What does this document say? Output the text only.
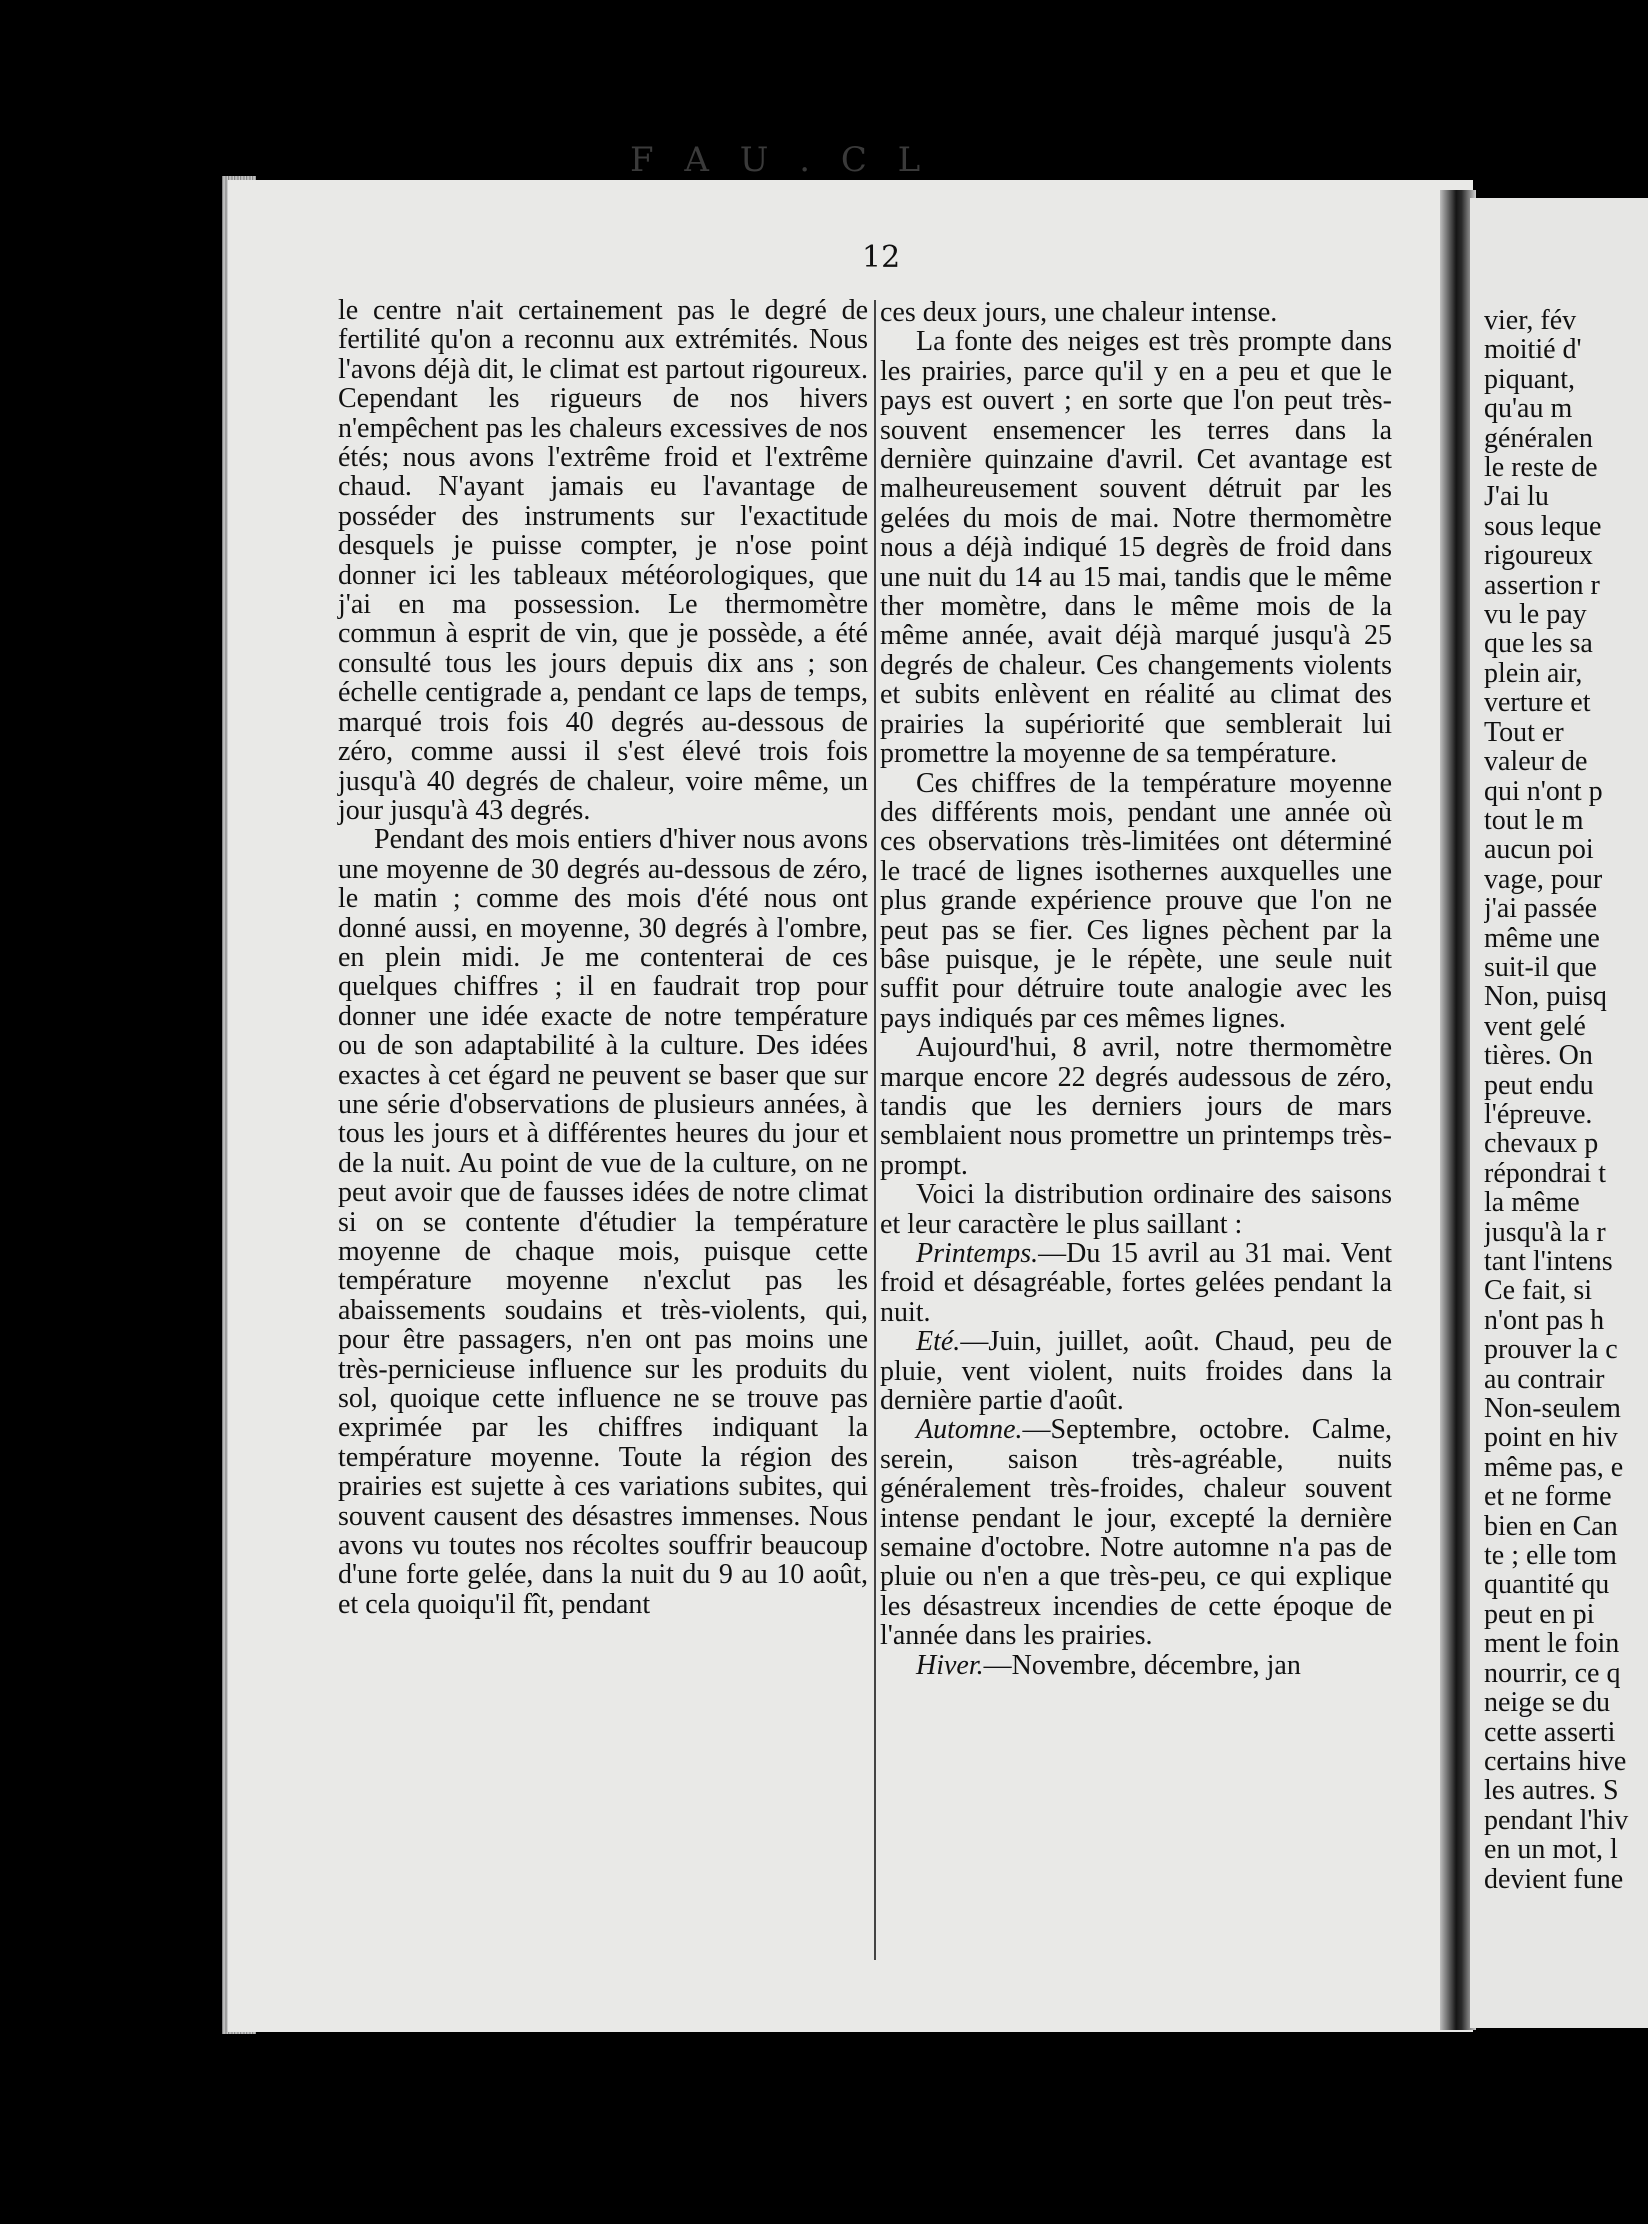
F A U . C L
12

le centre n'ait certainement pas le degré de fertilité qu'on a reconnu aux extrémités. Nous l'avons déjà dit, le climat est partout rigoureux. Cependant les rigueurs de nos hivers n'empêchent pas les chaleurs excessives de nos étés; nous avons l'extrême froid et l'extrême chaud. N'ayant jamais eu l'avantage de posséder des instruments sur l'exactitude desquels je puisse compter, je n'ose point donner ici les tableaux météorologiques, que j'ai en ma possession. Le thermomètre commun à esprit de vin, que je possède, a été consulté tous les jours depuis dix ans ; son échelle centigrade a, pendant ce laps de temps, marqué trois fois 40 degrés au-dessous de zéro, comme aussi il s'est élevé trois fois jusqu'à 40 degrés de chaleur, voire même, un jour jusqu'à 43 degrés.

Pendant des mois entiers d'hiver nous avons une moyenne de 30 degrés au-dessous de zéro, le matin ; comme des mois d'été nous ont donné aussi, en moyenne, 30 degrés à l'ombre, en plein midi. Je me contenterai de ces quelques chiffres ; il en faudrait trop pour donner une idée exacte de notre température ou de son adaptabilité à la culture. Des idées exactes à cet égard ne peuvent se baser que sur une série d'observations de plusieurs années, à tous les jours et à différentes heures du jour et de la nuit. Au point de vue de la culture, on ne peut avoir que de fausses idées de notre climat si on se contente d'étudier la température moyenne de chaque mois, puisque cette température moyenne n'exclut pas les abaissements soudains et très-violents, qui, pour être passagers, n'en ont pas moins une très-pernicieuse influence sur les produits du sol, quoique cette influence ne se trouve pas exprimée par les chiffres indiquant la température moyenne. Toute la région des prairies est sujette à ces variations subites, qui souvent causent des désastres immenses. Nous avons vu toutes nos récoltes souffrir beaucoup d'une forte gelée, dans la nuit du 9 au 10 août, et cela quoiqu'il fît, pendant

ces deux jours, une chaleur intense.

La fonte des neiges est très prompte dans les prairies, parce qu'il y en a peu et que le pays est ouvert ; en sorte que l'on peut très-souvent ensemencer les terres dans la dernière quinzaine d'avril. Cet avantage est malheureusement souvent détruit par les gelées du mois de mai. Notre thermomètre nous a déjà indiqué 15 degrès de froid dans une nuit du 14 au 15 mai, tandis que le même ther momètre, dans le même mois de la même année, avait déjà marqué jusqu'à 25 degrés de chaleur. Ces changements violents et subits enlèvent en réalité au climat des prairies la supériorité que semblerait lui promettre la moyenne de sa température.

Ces chiffres de la température moyenne des différents mois, pendant une année où ces observations très-limitées ont déterminé le tracé de lignes isothernes auxquelles une plus grande expérience prouve que l'on ne peut pas se fier. Ces lignes pèchent par la bâse puisque, je le répète, une seule nuit suffit pour détruire toute analogie avec les pays indiqués par ces mêmes lignes.

Aujourd'hui, 8 avril, notre thermomètre marque encore 22 degrés audessous de zéro, tandis que les derniers jours de mars semblaient nous promettre un printemps très-prompt.

Voici la distribution ordinaire des saisons et leur caractère le plus saillant :

Printemps.—Du 15 avril au 31 mai. Vent froid et désagréable, fortes gelées pendant la nuit.

Eté.—Juin, juillet, août. Chaud, peu de pluie, vent violent, nuits froides dans la dernière partie d'août.

Automne.—Septembre, octobre. Calme, serein, saison très-agréable, nuits généralement très-froides, chaleur souvent intense pendant le jour, excepté la dernière semaine d'octobre. Notre automne n'a pas de pluie ou n'en a que très-peu, ce qui explique les désastreux incendies de cette époque de l'année dans les prairies.

Hiver.—Novembre, décembre, jan

vier, fév
moitié d'
piquant,
qu'au m
généralen
le reste de
J'ai lu
sous leque
rigoureux
assertion r
vu le pay
que les sa
plein air,
verture et
Tout er
valeur de
qui n'ont p
tout le m
aucun poi
vage, pour
j'ai passée
même une
suit-il que
Non, puisq
vent gelé
tières. On
peut endu
l'épreuve.
chevaux p
répondrai t
la même
jusqu'à la r
tant l'intens
Ce fait, si
n'ont pas h
prouver la c
au contrair
Non-seulem
point en hiv
même pas, e
et ne forme
bien en Can
te ; elle tom
quantité qu
peut en pi
ment le foin
nourrir, ce q
neige se du
cette asserti
certains hive
les autres. S
pendant l'hiv
en un mot, l
devient fune
